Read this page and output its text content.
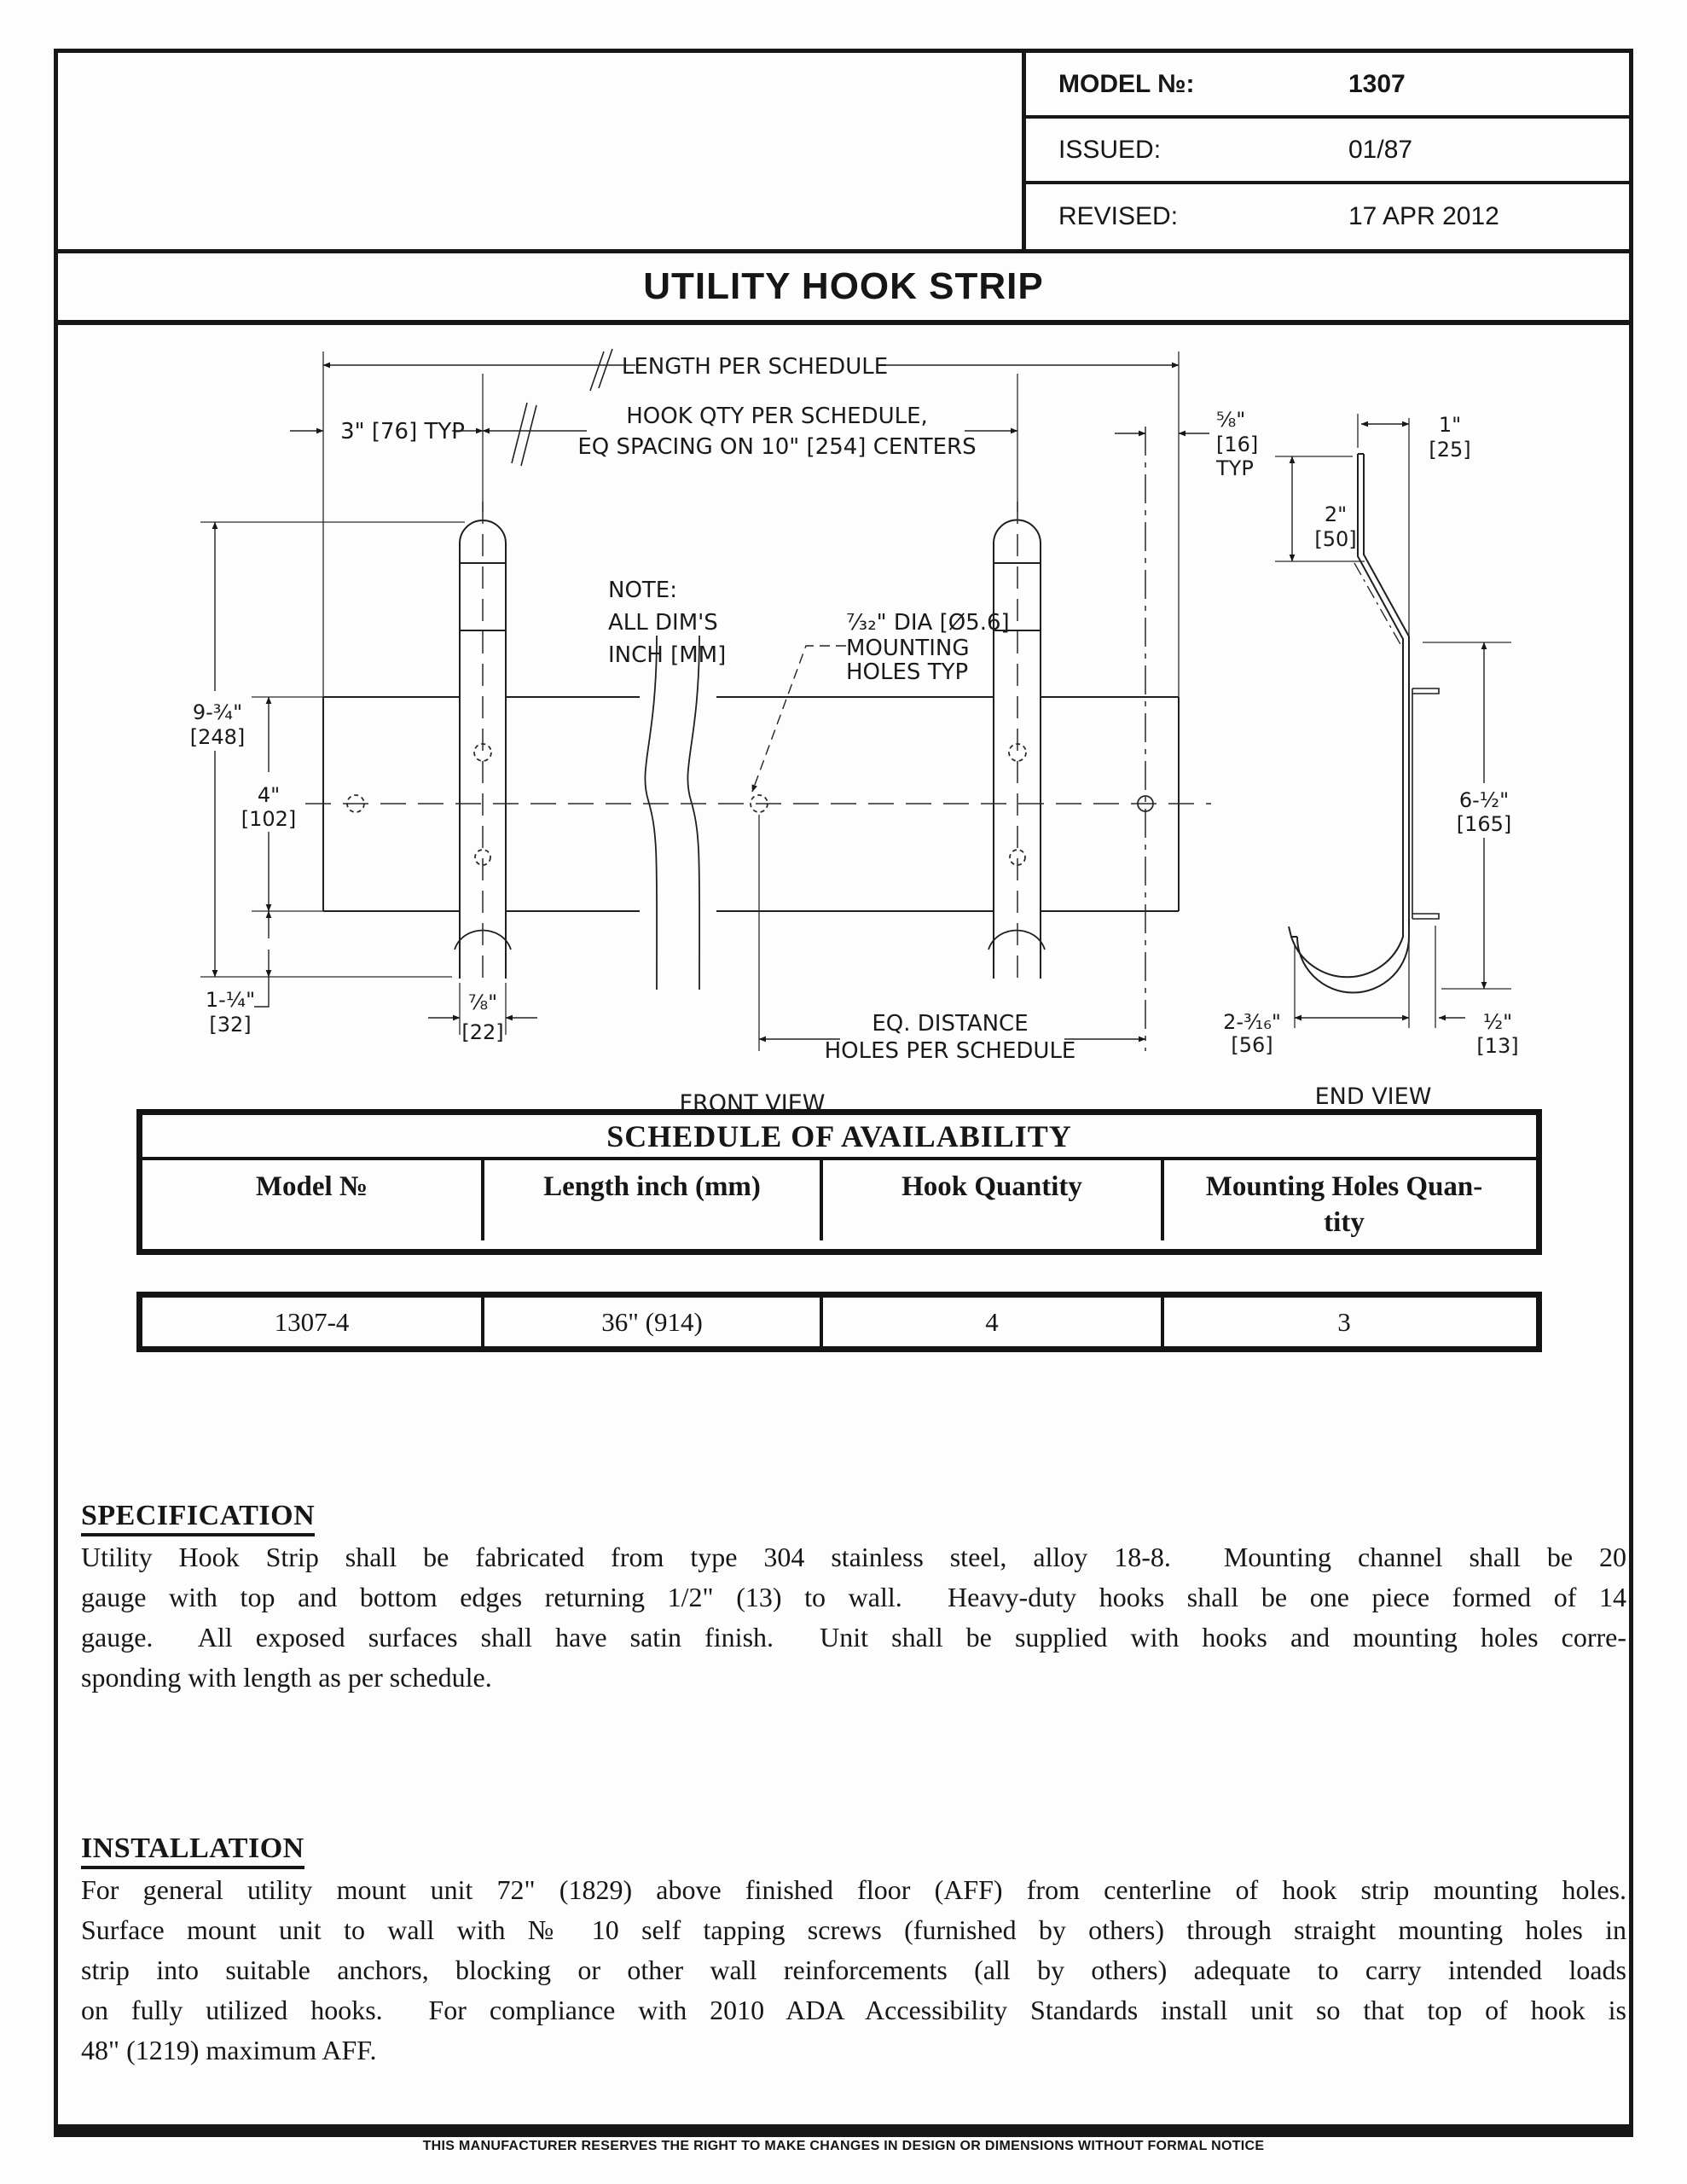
MODEL №:	1307
ISSUED:	01/87
REVISED:	17 APR 2012
UTILITY HOOK STRIP
LENGTH PER SCHEDULE
HOOK QTY PER SCHEDULE,
EQ SPACING ON 10" [254] CENTERS
3" [76] TYP
NOTE:
ALL DIM'S
INCH [MM]
⁷⁄₃₂" DIA [Ø5.6]
MOUNTING
HOLES TYP
9-¾"
[248]
4"
[102]
1-¼"
[32]
⅞"
[22]	EQ. DISTANCE
HOLES PER SCHEDULE
FRONT VIEW
⅝"
[16]
TYP
1"
[25]
2"
[50]
6-½"
[165]
2-³⁄₁₆"
[56]
½"
[13]
END VIEW
SCHEDULE OF AVAILABILITY
Model №	Length inch (mm)	Hook Quantity	Mounting Holes Quan-
tity
1307-4	36" (914)	4	3
SPECIFICATION
Utility Hook Strip shall be fabricated from type 304 stainless steel, alloy 18-8.  Mounting channel shall be 20
gauge with top and bottom edges returning 1/2" (13) to wall.  Heavy-duty hooks shall be one piece formed of 14
gauge.  All exposed surfaces shall have satin finish.  Unit shall be supplied with hooks and mounting holes corre-
sponding with length as per schedule.
INSTALLATION
For general utility mount unit 72" (1829) above finished floor (AFF) from centerline of hook strip mounting holes.
Surface mount unit to wall with № 10 self tapping screws (furnished by others) through straight mounting holes in
strip into suitable anchors, blocking or other wall reinforcements (all by others) adequate to carry intended loads
on fully utilized hooks.  For compliance with 2010 ADA Accessibility Standards install unit so that top of hook is
48" (1219) maximum AFF.
THIS MANUFACTURER RESERVES THE RIGHT TO MAKE CHANGES IN DESIGN OR DIMENSIONS WITHOUT FORMAL NOTICE
